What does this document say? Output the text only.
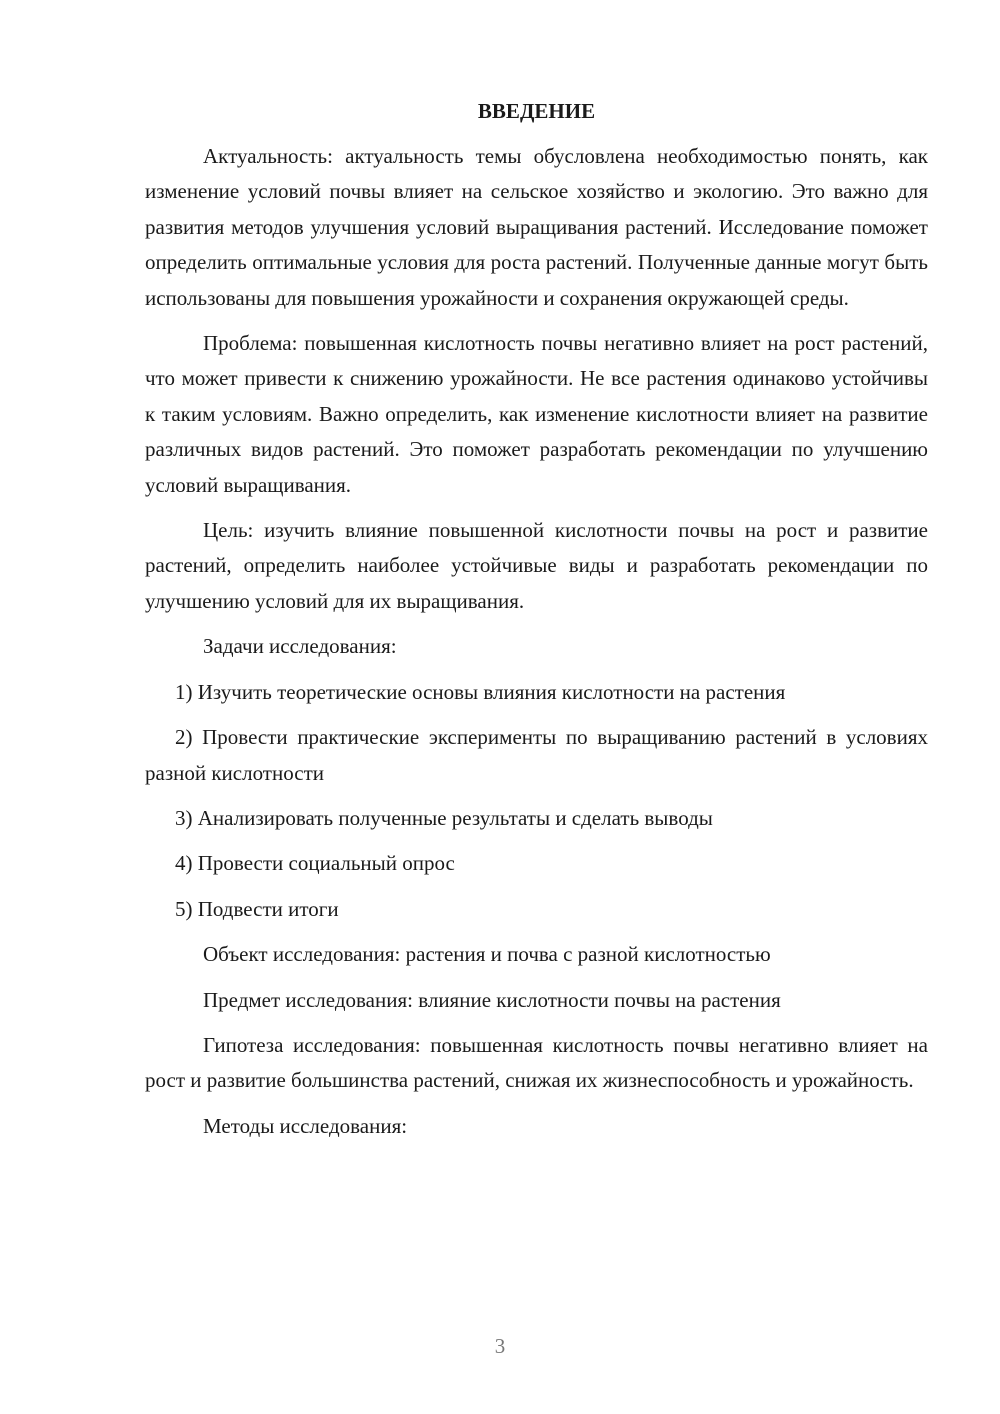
ВВЕДЕНИЕ

Актуальность: актуальность темы обусловлена необходимостью понять, как изменение условий почвы влияет на сельское хозяйство и экологию. Это важно для развития методов улучшения условий выращивания растений. Исследование поможет определить оптимальные условия для роста растений. Полученные данные могут быть использованы для повышения урожайности и сохранения окружающей среды.

Проблема: повышенная кислотность почвы негативно влияет на рост растений, что может привести к снижению урожайности. Не все растения одинаково устойчивы к таким условиям. Важно определить, как изменение кислотности влияет на развитие различных видов растений. Это поможет разработать рекомендации по улучшению условий выращивания.

Цель: изучить влияние повышенной кислотности почвы на рост и развитие растений, определить наиболее устойчивые виды и разработать рекомендации по улучшению условий для их выращивания.

Задачи исследования:

1) Изучить теоретические основы влияния кислотности на растения

2) Провести практические эксперименты по выращиванию растений в условиях разной кислотности

3) Анализировать полученные результаты и сделать выводы

4) Провести социальный опрос

5) Подвести итоги

Объект исследования: растения и почва с разной кислотностью

Предмет исследования: влияние кислотности почвы на растения

Гипотеза исследования: повышенная кислотность почвы негативно влияет на рост и развитие большинства растений, снижая их жизнеспособность и урожайность.

Методы исследования:

3
